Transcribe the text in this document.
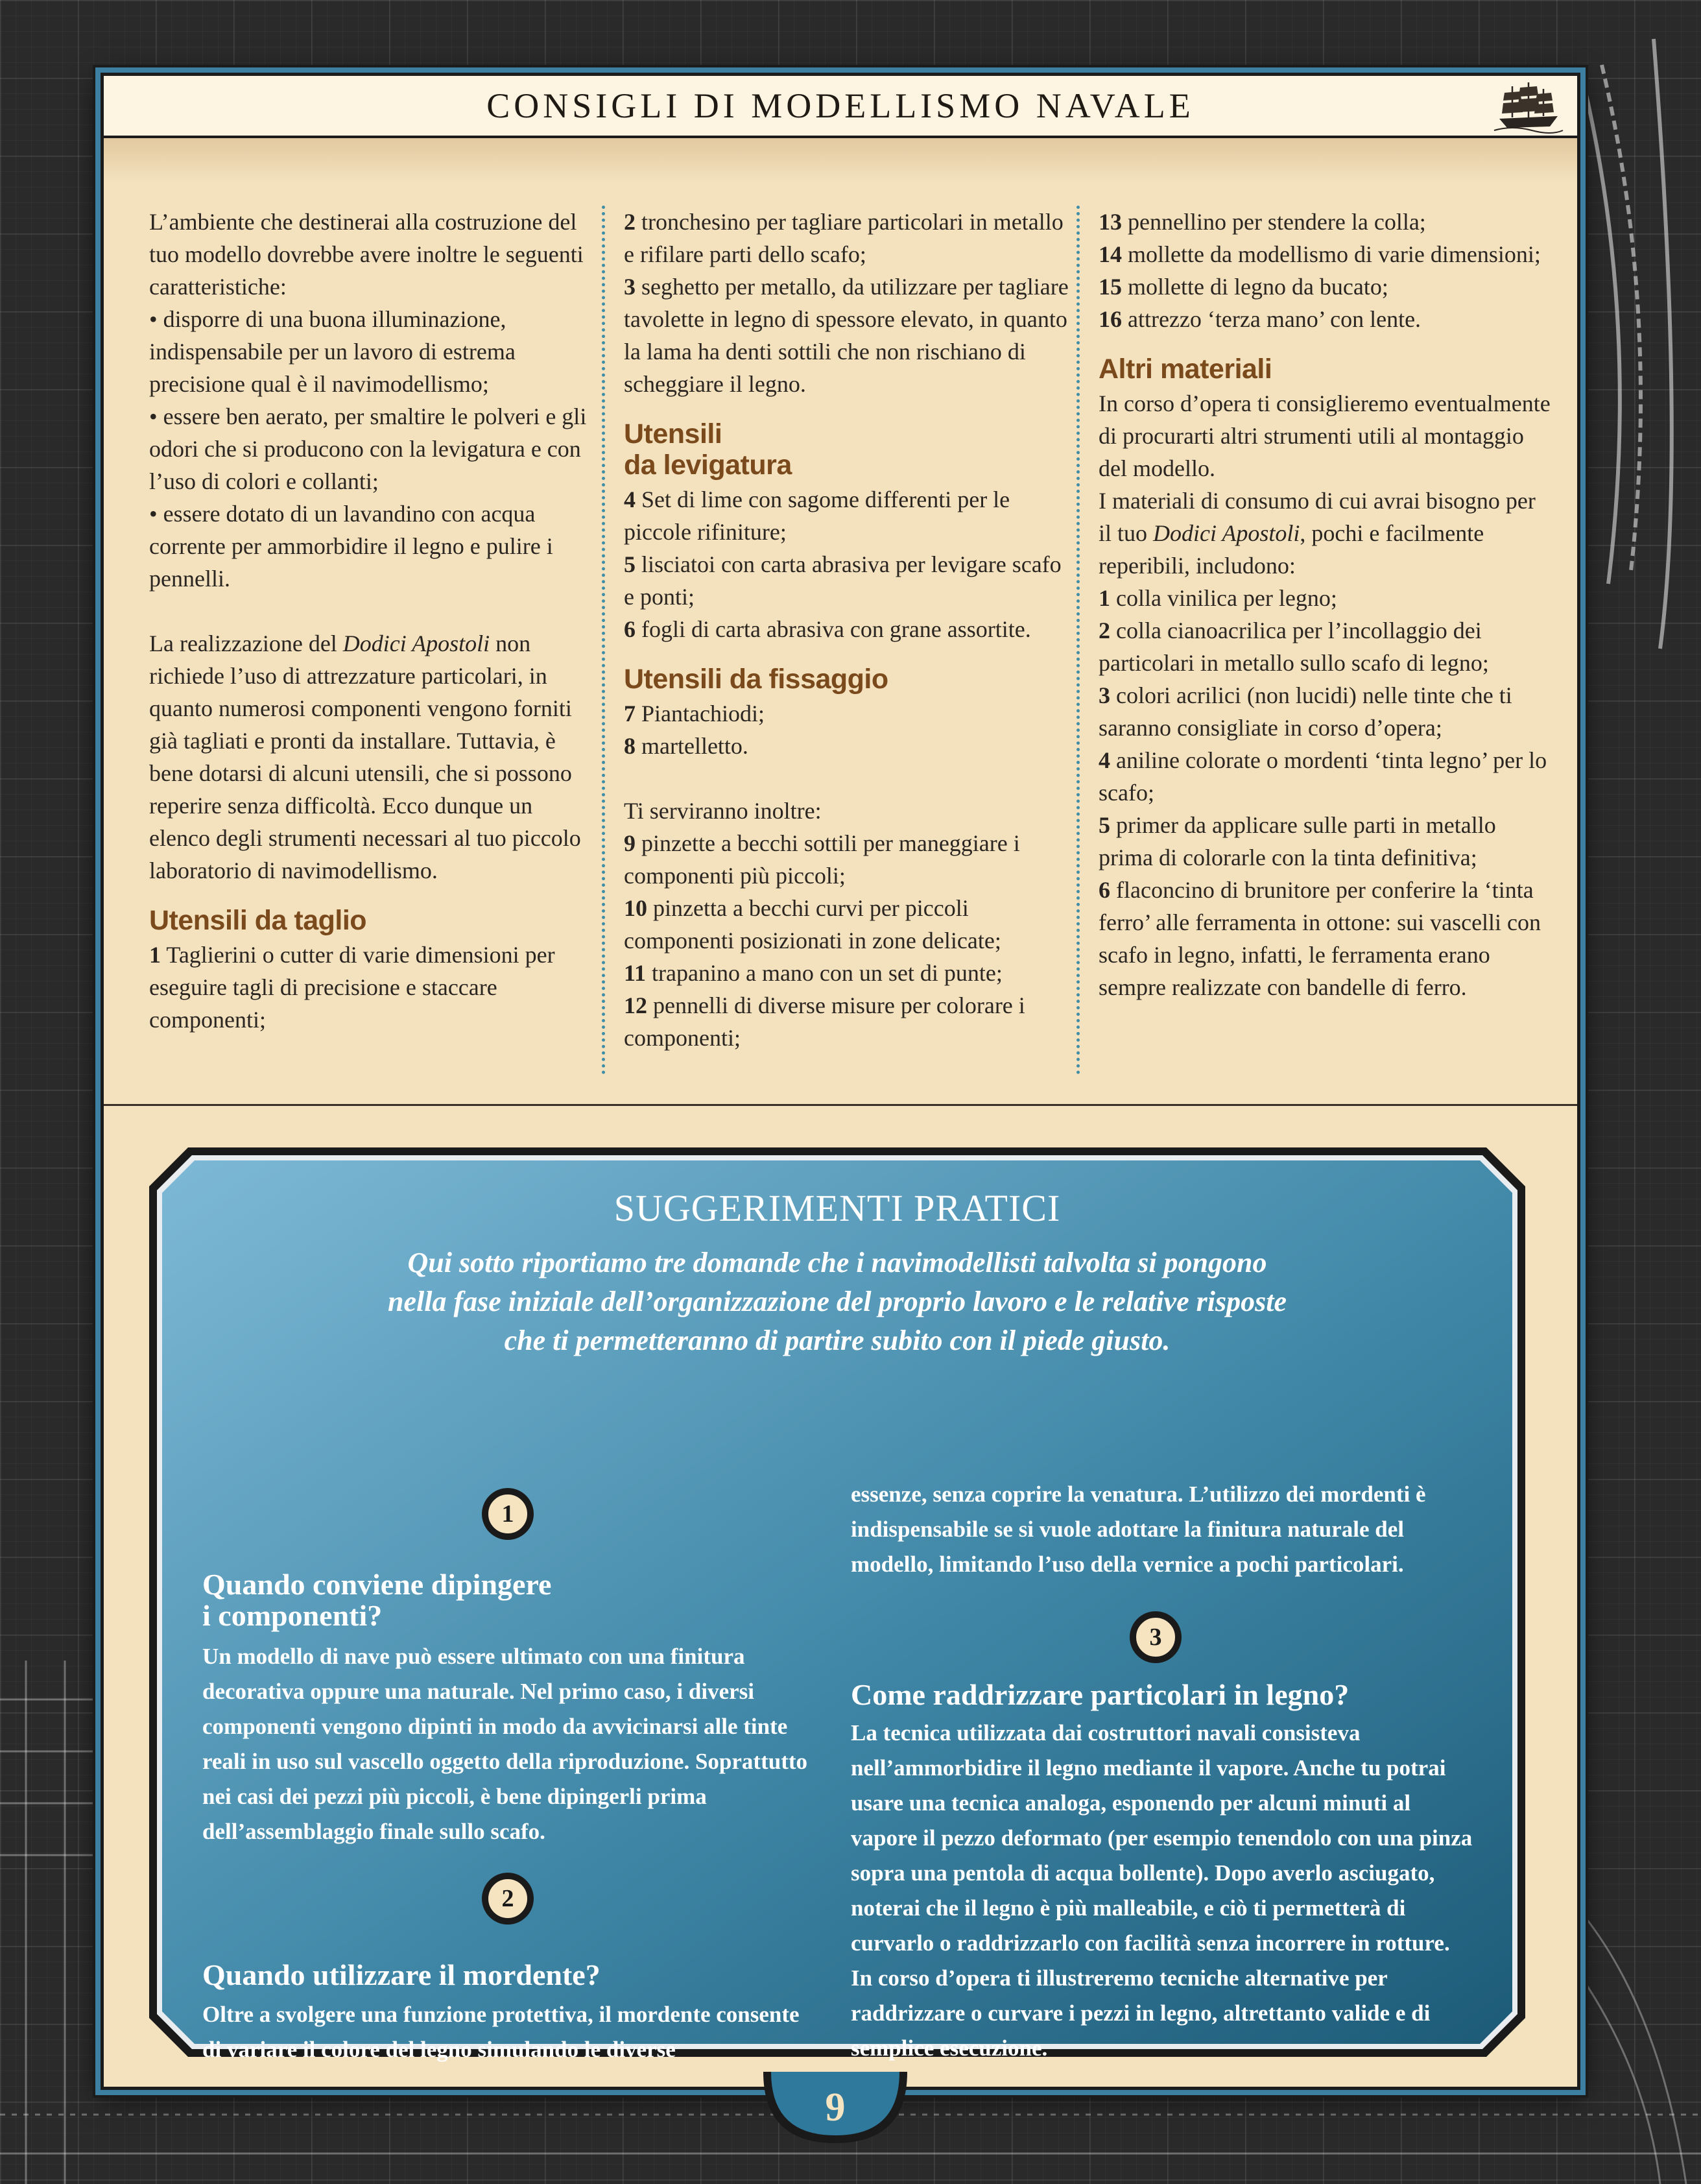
CONSIGLI DI MODELLISMO NAVALE

L’ambiente che destinerai alla costruzione del tuo modello dovrebbe avere inoltre le seguenti caratteristiche:

• disporre di una buona illuminazione, indispensabile per un lavoro di estrema precisione qual è il navimodellismo;

• essere ben aerato, per smaltire le polveri e gli odori che si producono con la levigatura e con l’uso di colori e collanti;

• essere dotato di un lavandino con acqua corrente per ammorbidire il legno e pulire i pennelli.

La realizzazione del Dodici Apostoli non richiede l’uso di attrezzature particolari, in quanto numerosi componenti vengono forniti già tagliati e pronti da installare. Tuttavia, è bene dotarsi di alcuni utensili, che si possono reperire senza difficoltà. Ecco dunque un elenco degli strumenti necessari al tuo piccolo laboratorio di navimodellismo.

Utensili da taglio

1 Taglierini o cutter di varie dimensioni per eseguire tagli di precisione e staccare componenti;

2 tronchesino per tagliare particolari in metallo e rifilare parti dello scafo;

3 seghetto per metallo, da utilizzare per tagliare tavolette in legno di spessore elevato, in quanto la lama ha denti sottili che non rischiano di scheggiare il legno.

Utensili
da levigatura

4 Set di lime con sagome differenti per le piccole rifiniture;

5 lisciatoi con carta abrasiva per levigare scafo e ponti;

6 fogli di carta abrasiva con grane assortite.

Utensili da fissaggio

7 Piantachiodi;

8 martelletto.

Ti serviranno inoltre:

9 pinzette a becchi sottili per maneggiare i componenti più piccoli;

10 pinzetta a becchi curvi per piccoli componenti posizionati in zone delicate;

11 trapanino a mano con un set di punte;

12 pennelli di diverse misure per colorare i componenti;

13 pennellino per stendere la colla;

14 mollette da modellismo di varie dimensioni;

15 mollette di legno da bucato;

16 attrezzo ‘terza mano’ con lente.

Altri materiali

In corso d’opera ti consiglieremo eventualmente di procurarti altri strumenti utili al montaggio del modello.

I materiali di consumo di cui avrai bisogno per il tuo Dodici Apostoli, pochi e facilmente reperibili, includono:

1 colla vinilica per legno;

2 colla cianoacrilica per l’incollaggio dei particolari in metallo sullo scafo di legno;

3 colori acrilici (non lucidi) nelle tinte che ti saranno consigliate in corso d’opera;

4 aniline colorate o mordenti ‘tinta legno’ per lo scafo;

5 primer da applicare sulle parti in metallo prima di colorarle con la tinta definitiva;

6 flaconcino di brunitore per conferire la ‘tinta ferro’ alle ferramenta in ottone: sui vascelli con scafo in legno, infatti, le ferramenta erano sempre realizzate con bandelle di ferro.

SUGGERIMENTI PRATICI
Qui sotto riportiamo tre domande che i navimodellisti talvolta si pongono
nella fase iniziale dell’organizzazione del proprio lavoro e le relative risposte
che ti permetteranno di partire subito con il piede giusto.
1
Quando conviene dipingere i componenti?
Un modello di nave può essere ultimato con una finitura decorativa oppure una naturale. Nel primo caso, i diversi componenti vengono dipinti in modo da avvicinarsi alle tinte reali in uso sul vascello oggetto della riproduzione. Soprattutto nei casi dei pezzi più piccoli, è bene dipingerli prima dell’assemblaggio finale sullo scafo.
2
Quando utilizzare il mordente?
Oltre a svolgere una funzione protettiva, il mordente consente di variare il colore del legno simulando le diverse
essenze, senza coprire la venatura. L’utilizzo dei mordenti è indispensabile se si vuole adottare la finitura naturale del modello, limitando l’uso della vernice a pochi particolari.
3
Come raddrizzare particolari in legno?
La tecnica utilizzata dai costruttori navali consisteva nell’ammorbidire il legno mediante il vapore. Anche tu potrai usare una tecnica analoga, esponendo per alcuni minuti al vapore il pezzo deformato (per esempio tenendolo con una pinza sopra una pentola di acqua bollente). Dopo averlo asciugato, noterai che il legno è più malleabile, e ciò ti permetterà di curvarlo o raddrizzarlo con facilità senza incorrere in rotture. In corso d’opera ti illustreremo tecniche alternative per raddrizzare o curvare i pezzi in legno, altrettanto valide e di semplice esecuzione.
9
